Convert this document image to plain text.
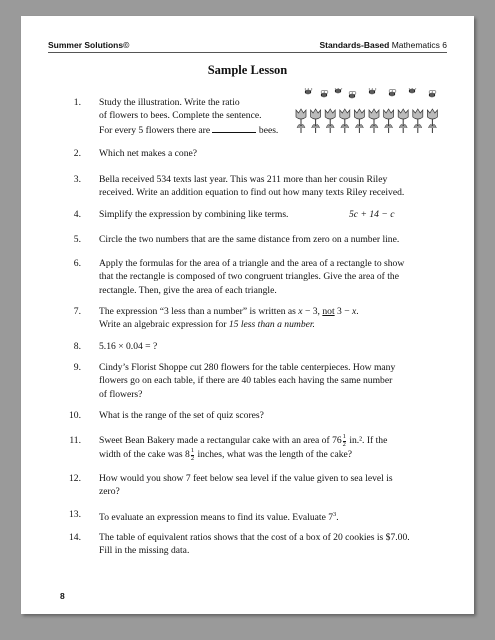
Summer Solutions©	Standards-Based Mathematics 6
Sample Lesson
1. Study the illustration. Write the ratio
of flowers to bees. Complete the sentence.
For every 5 flowers there are	bees.
2. Which net makes a cone?
3. Bella received 534 texts last year. This was 211 more than her cousin Riley
received. Write an addition equation to find out how many texts Riley received.
4. Simplify the expression by combining like terms.	5c + 14 − c
5. Circle the two numbers that are the same distance from zero on a number line.
6. Apply the formulas for the area of a triangle and the area of a rectangle to show
that the rectangle is composed of two congruent triangles. Give the area of the
rectangle. Then, give the area of each triangle.
7. The expression “3 less than a number” is written as x − 3, not 3 − x.
Write an algebraic expression for 15 less than a number.
8. 5.16 × 0.04 = ?
9. Cindy’s Florist Shoppe cut 280 flowers for the table centerpieces. How many
flowers go on each table, if there are 40 tables each having the same number
of flowers?
10. What is the range of the set of quiz scores?
11. Sweet Bean Bakery made a rectangular cake with an area of $76 \frac{1}{2} in.^2$. If the
width of the cake was $8 \frac{1}{2}$ inches, what was the length of the cake?
12. How would you show 7 feet below sea level if the value given to sea level is
zero?
13. To evaluate an expression means to find its value. Evaluate $7^3$.
14. The table of equivalent ratios shows that the cost of a box of 20 cookies is $7.00.
Fill in the missing data.
8
